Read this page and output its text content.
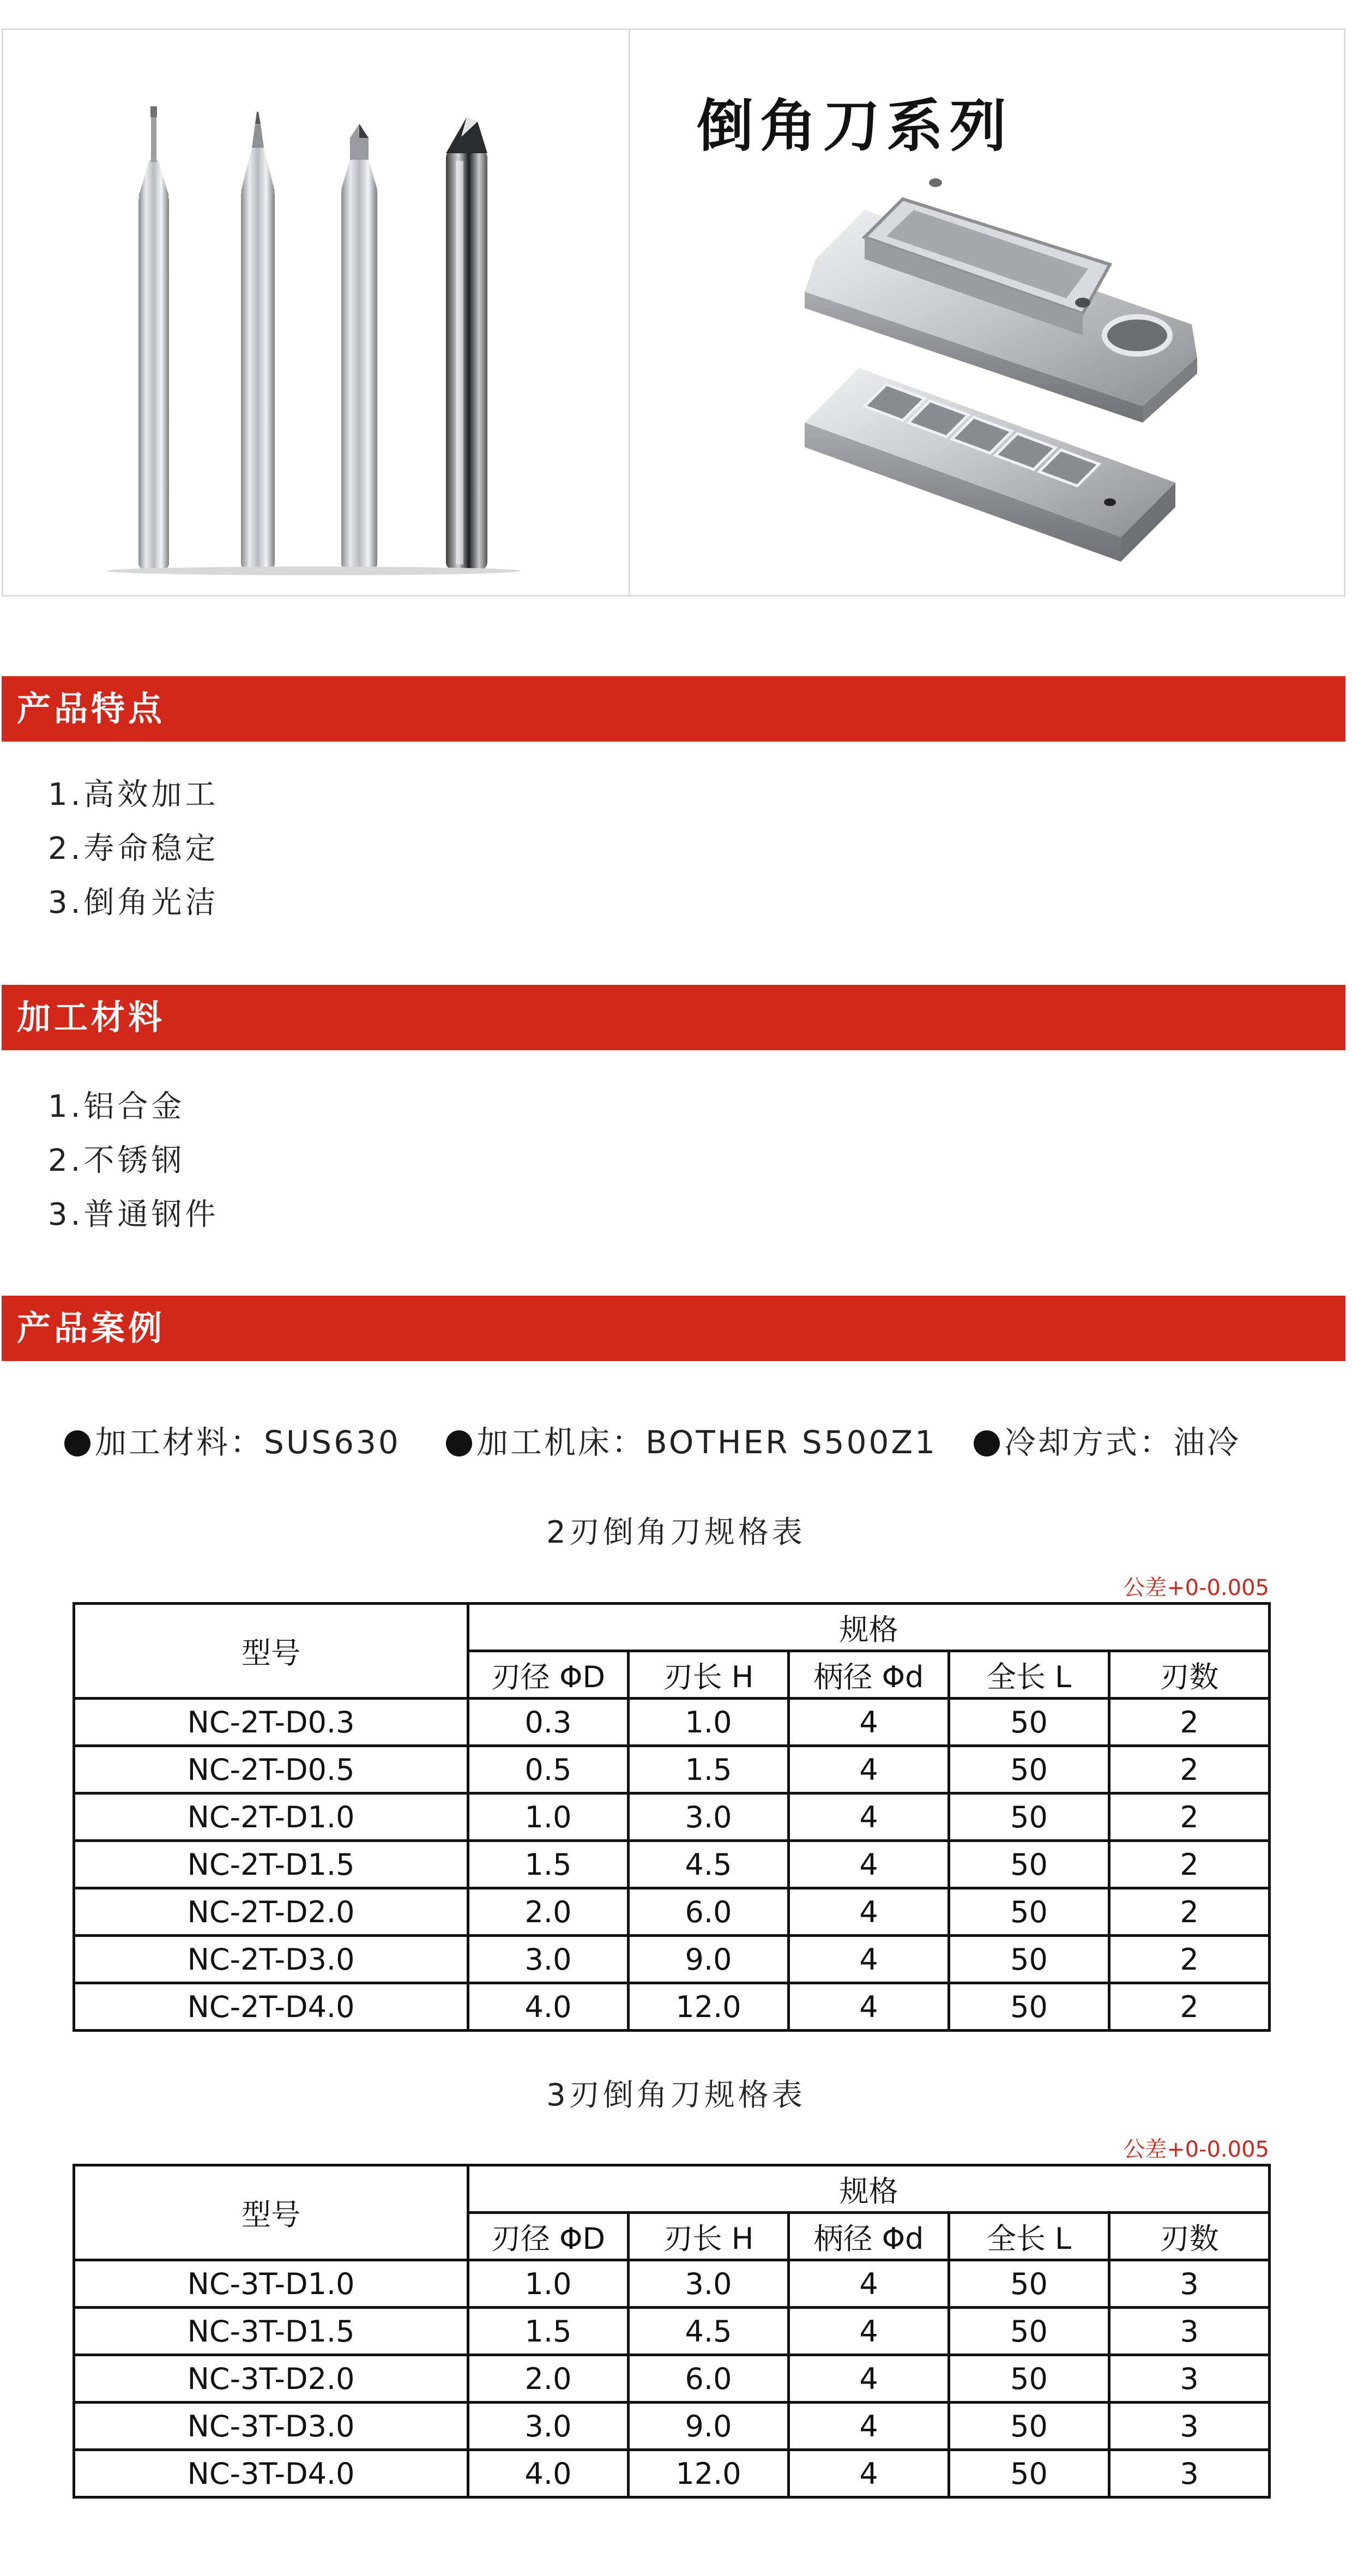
倒角刀系列
产品特点
1.高效加工
2.寿命稳定
3.倒角光洁
加工材料
1.铝合金
2.不锈钢
3.普通钢件
产品案例
加工材料：SUS630	加工机床：BOTHER S500Z1	冷却方式：油冷
2刃倒角刀规格表
公差+0-0.005
型号	规格				
	刃径 ΦD	刃长 H	柄径 Φd	全长 L	刃数
NC-2T-D0.3	0.3	1.0	4	50	2
NC-2T-D0.5	0.5	1.5	4	50	2
NC-2T-D1.0	1.0	3.0	4	50	2
NC-2T-D1.5	1.5	4.5	4	50	2
NC-2T-D2.0	2.0	6.0	4	50	2
NC-2T-D3.0	3.0	9.0	4	50	2
NC-2T-D4.0	4.0	12.0	4	50	2
3刃倒角刀规格表
公差+0-0.005
型号	规格				
	刃径 ΦD	刃长 H	柄径 Φd	全长 L	刃数
NC-3T-D1.0	1.0	3.0	4	50	3
NC-3T-D1.5	1.5	4.5	4	50	3
NC-3T-D2.0	2.0	6.0	4	50	3
NC-3T-D3.0	3.0	9.0	4	50	3
NC-3T-D4.0	4.0	12.0	4	50	3
